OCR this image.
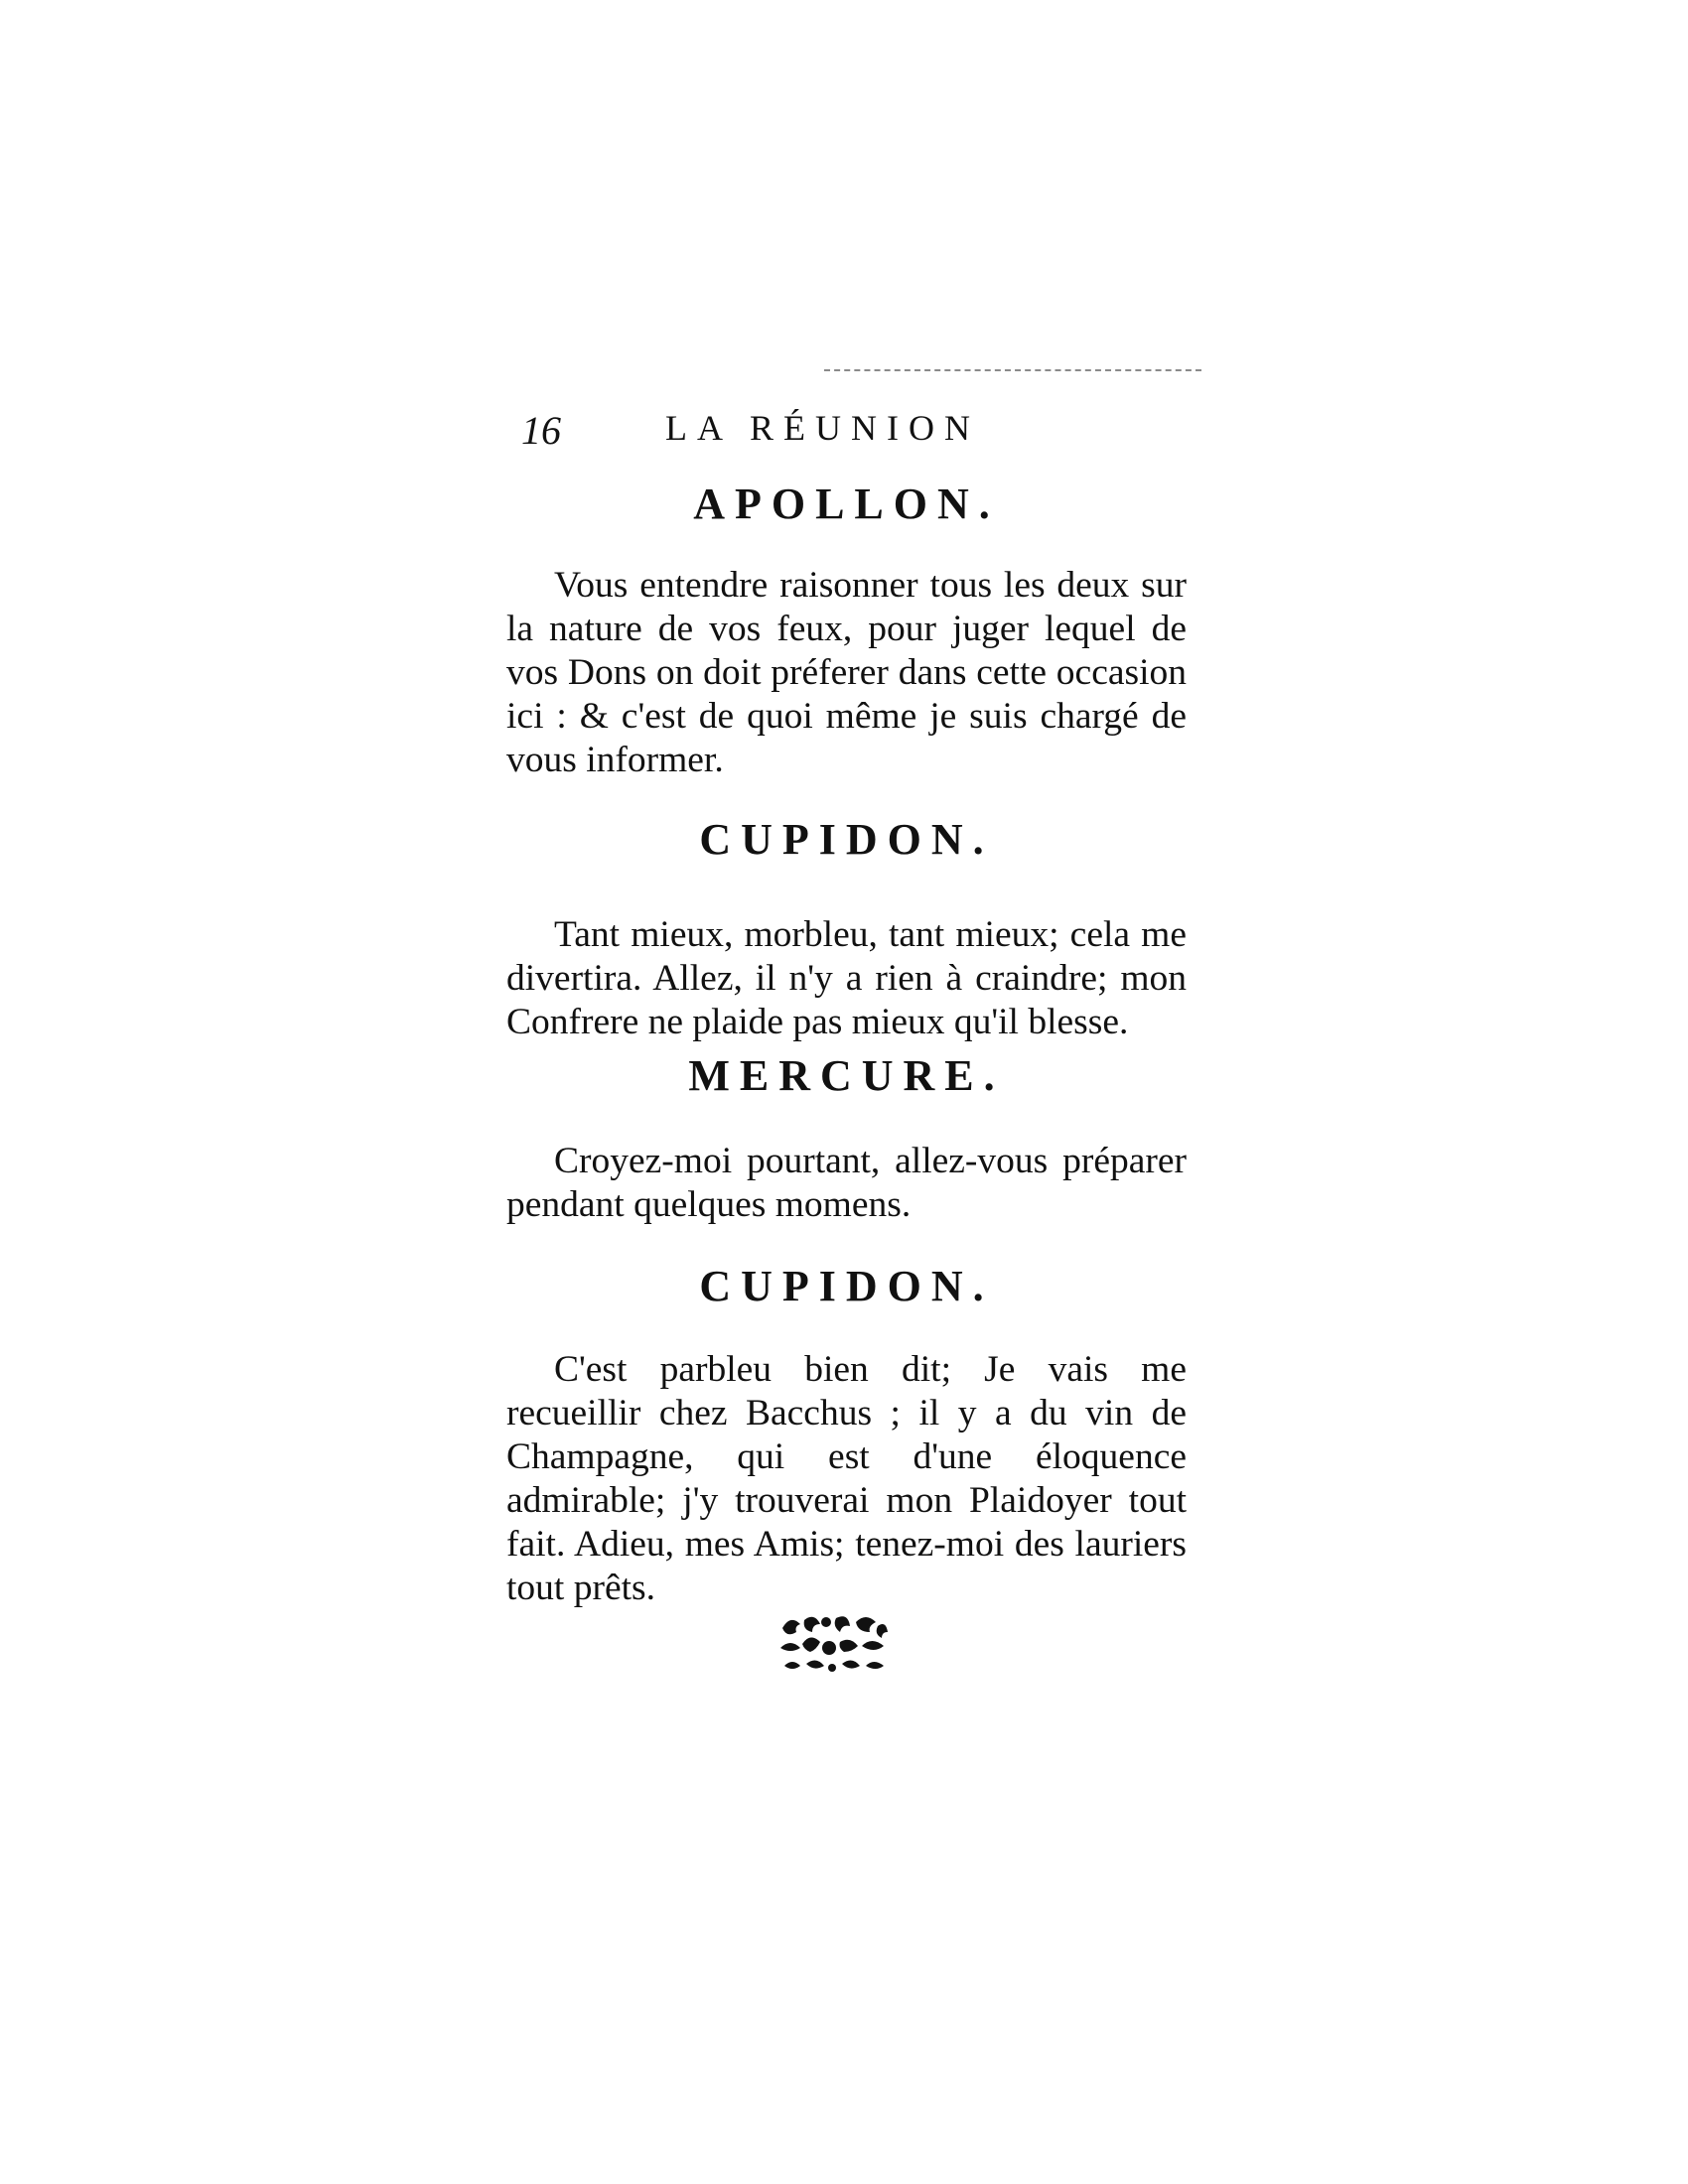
16	LA RÉUNION
APOLLON.

Vous entendre raisonner tous les deux sur la nature de vos feux, pour juger lequel de vos Dons on doit préferer dans cette occasion ici : & c'est de quoi même je suis chargé de vous informer.

CUPIDON.

Tant mieux, morbleu, tant mieux; cela me divertira. Allez, il n'y a rien à craindre; mon Confrere ne plaide pas mieux qu'il blesse.

MERCURE.

Croyez-moi pourtant, allez-vous préparer pendant quelques momens.

CUPIDON.

C'est parbleu bien dit; Je vais me recueillir chez Bacchus ; il y a du vin de Champagne, qui est d'une éloquence admirable; j'y trouverai mon Plaidoyer tout fait. Adieu, mes Amis; tenez-moi des lauriers tout prêts.
